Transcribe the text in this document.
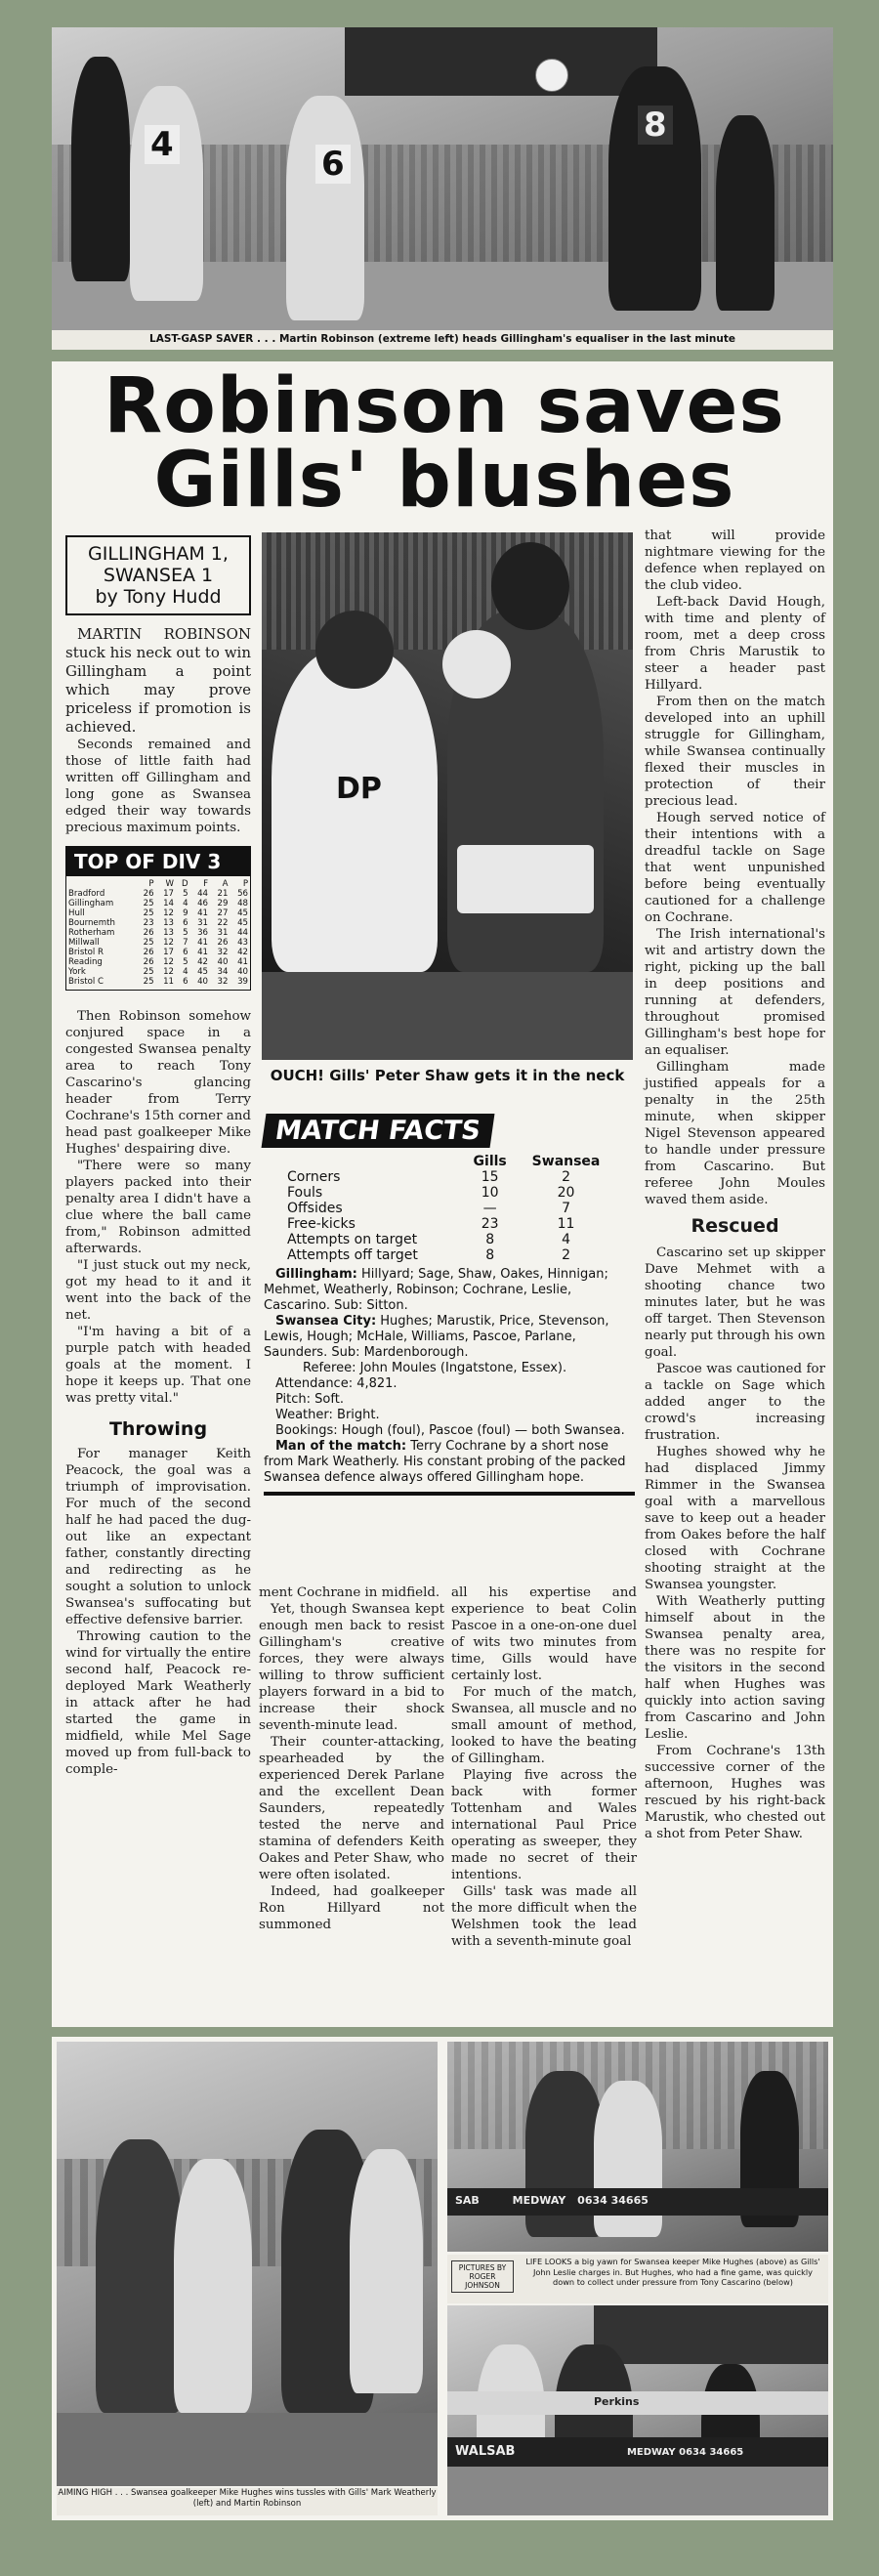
4	6
8
LAST-GASP SAVER . . . Martin Robinson (extreme left) heads Gillingham's equaliser in the last minute
Robinson saves Gills' blushes
GILLINGHAM 1,
SWANSEA 1
by Tony Hudd

MARTIN ROBINSON stuck his neck out to win Gillingham a point which may prove priceless if promotion is achieved.

Seconds remained and those of little faith had written off Gillingham and long gone as Swansea edged their way towards precious maximum points.

TOP OF DIV 3
	P	W	D	F	A	P
Bradford	26	17	5	44	21	56
Gillingham	25	14	4	46	29	48
Hull	25	12	9	41	27	45
Bournemth	23	13	6	31	22	45
Rotherham	26	13	5	36	31	44
Millwall	25	12	7	41	26	43
Bristol R	26	17	6	41	32	42
Reading	26	12	5	42	40	41
York	25	12	4	45	34	40
Bristol C	25	11	6	40	32	39

Then Robinson somehow conjured space in a congested Swansea penalty area to reach Tony Cascarino's glancing header from Terry Cochrane's 15th corner and head past goalkeeper Mike Hughes' despairing dive.

"There were so many players packed into their penalty area I didn't have a clue where the ball came from," Robinson admitted afterwards.

"I just stuck out my neck, got my head to it and it went into the back of the net.

"I'm having a bit of a purple patch with headed goals at the moment. I hope it keeps up. That one was pretty vital."

Throwing

For manager Keith Peacock, the goal was a triumph of improvisation. For much of the second half he had paced the dug-out like an expectant father, constantly directing and redirecting as he sought a solution to unlock Swansea's suffocating but effective defensive barrier.

Throwing caution to the wind for virtually the entire second half, Peacock re-deployed Mark Weatherly in attack after he had started the game in midfield, while Mel Sage moved up from full-back to comple-

DP
OUCH! Gills' Peter Shaw gets it in the neck
MATCH FACTS
	Gills	Swansea
Corners	15	2
Fouls	10	20
Offsides	—	7
Free-kicks	23	11
Attempts on target	8	4
Attempts off target	8	2
Gillingham: Hillyard; Sage, Shaw, Oakes, Hinnigan; Mehmet, Weatherly, Robinson; Cochrane, Leslie, Cascarino. Sub: Sitton.
Swansea City: Hughes; Marustik, Price, Stevenson, Lewis, Hough; McHale, Williams, Pascoe, Parlane, Saunders. Sub: Mardenborough.
Referee: John Moules (Ingatstone, Essex).
Attendance: 4,821.
Pitch: Soft.
Weather: Bright.
Bookings: Hough (foul), Pascoe (foul) — both Swansea.
Man of the match: Terry Cochrane by a short nose from Mark Weatherly. His constant probing of the packed Swansea defence always offered Gillingham hope.

ment Cochrane in midfield.

Yet, though Swansea kept enough men back to resist Gillingham's creative forces, they were always willing to throw sufficient players forward in a bid to increase their shock seventh-minute lead.

Their counter-attacking, spearheaded by the experienced Derek Parlane and the excellent Dean Saunders, repeatedly tested the nerve and stamina of defenders Keith Oakes and Peter Shaw, who were often isolated.

Indeed, had goalkeeper Ron Hillyard not summoned

all his expertise and experience to beat Colin Pascoe in a one-on-one duel of wits two minutes from time, Gills would have certainly lost.

For much of the match, Swansea, all muscle and no small amount of method, looked to have the beating of Gillingham.

Playing five across the back with former Tottenham and Wales international Paul Price operating as sweeper, they made no secret of their intentions.

Gills' task was made all the more difficult when the Welshmen took the lead with a seventh-minute goal

that will provide nightmare viewing for the defence when replayed on the club video.

Left-back David Hough, with time and plenty of room, met a deep cross from Chris Marustik to steer a header past Hillyard.

From then on the match developed into an uphill struggle for Gillingham, while Swansea continually flexed their muscles in protection of their precious lead.

Hough served notice of their intentions with a dreadful tackle on Sage that went unpunished before being eventually cautioned for a challenge on Cochrane.

The Irish international's wit and artistry down the right, picking up the ball in deep positions and running at defenders, throughout promised Gillingham's best hope for an equaliser.

Gillingham made justified appeals for a penalty in the 25th minute, when skipper Nigel Stevenson appeared to handle under pressure from Cascarino. But referee John Moules waved them aside.

Rescued

Cascarino set up skipper Dave Mehmet with a shooting chance two minutes later, but he was off target. Then Stevenson nearly put through his own goal.

Pascoe was cautioned for a tackle on Sage which added anger to the crowd's increasing frustration.

Hughes showed why he had displaced Jimmy Rimmer in the Swansea goal with a marvellous save to keep out a header from Oakes before the half closed with Cochrane shooting straight at the Swansea youngster.

With Weatherly putting himself about in the Swansea penalty area, there was no respite for the visitors in the second half when Hughes was quickly into action saving from Cascarino and John Leslie.

From Cochrane's 13th successive corner of the afternoon, Hughes was rescued by his right-back Marustik, who chested out a shot from Peter Shaw.

AIMING HIGH . . . Swansea goalkeeper Mike Hughes wins tussles with Gills' Mark Weatherly (left) and Martin Robinson
SAB	MEDWAY 0634 34665
PICTURES BY ROGER JOHNSON
LIFE LOOKS a big yawn for Swansea keeper Mike Hughes (above) as Gills' John Leslie charges in. But Hughes, who had a fine game, was quickly down to collect under pressure from Tony Cascarino (below)
Perkins
WALSAB	MEDWAY 0634 34665
